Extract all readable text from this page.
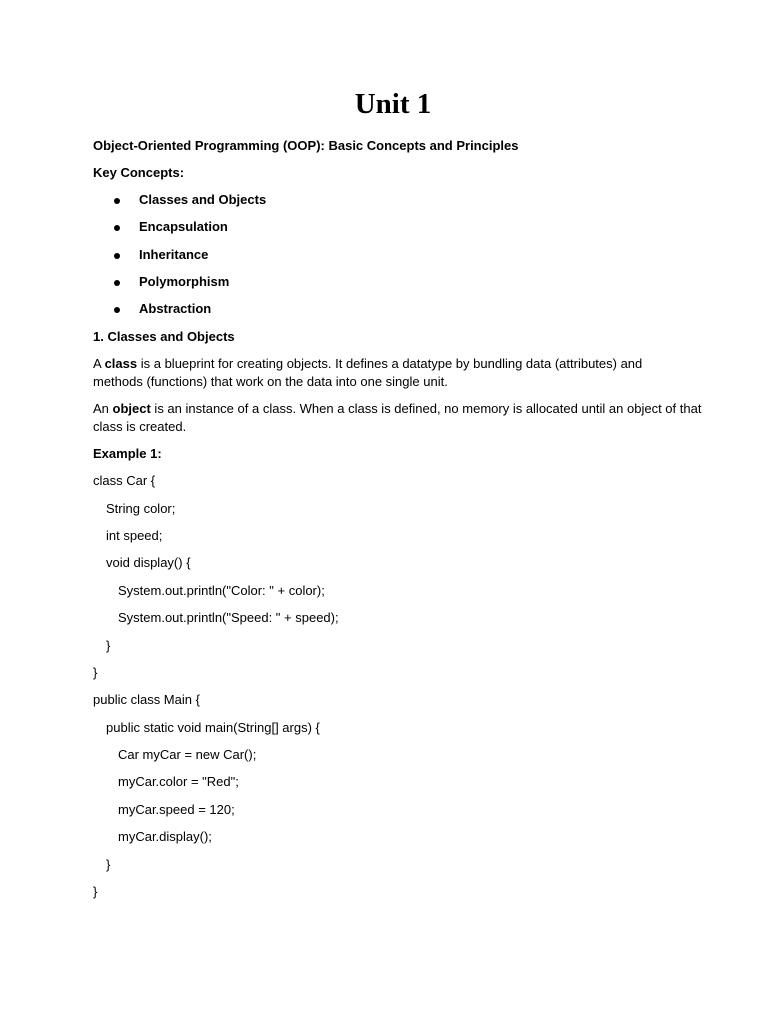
Unit 1
Object-Oriented Programming (OOP): Basic Concepts and Principles
Key Concepts:
Classes and Objects
Encapsulation
Inheritance
Polymorphism
Abstraction
1. Classes and Objects
A class is a blueprint for creating objects. It defines a datatype by bundling data (attributes) and
methods (functions) that work on the data into one single unit.
An object is an instance of a class. When a class is defined, no memory is allocated until an object of that
class is created.
Example 1:
class Car {
String color;
int speed;
void display() {
System.out.println("Color: " + color);
System.out.println("Speed: " + speed);
}
}
public class Main {
public static void main(String[] args) {
Car myCar = new Car();
myCar.color = "Red";
myCar.speed = 120;
myCar.display();
}
}
